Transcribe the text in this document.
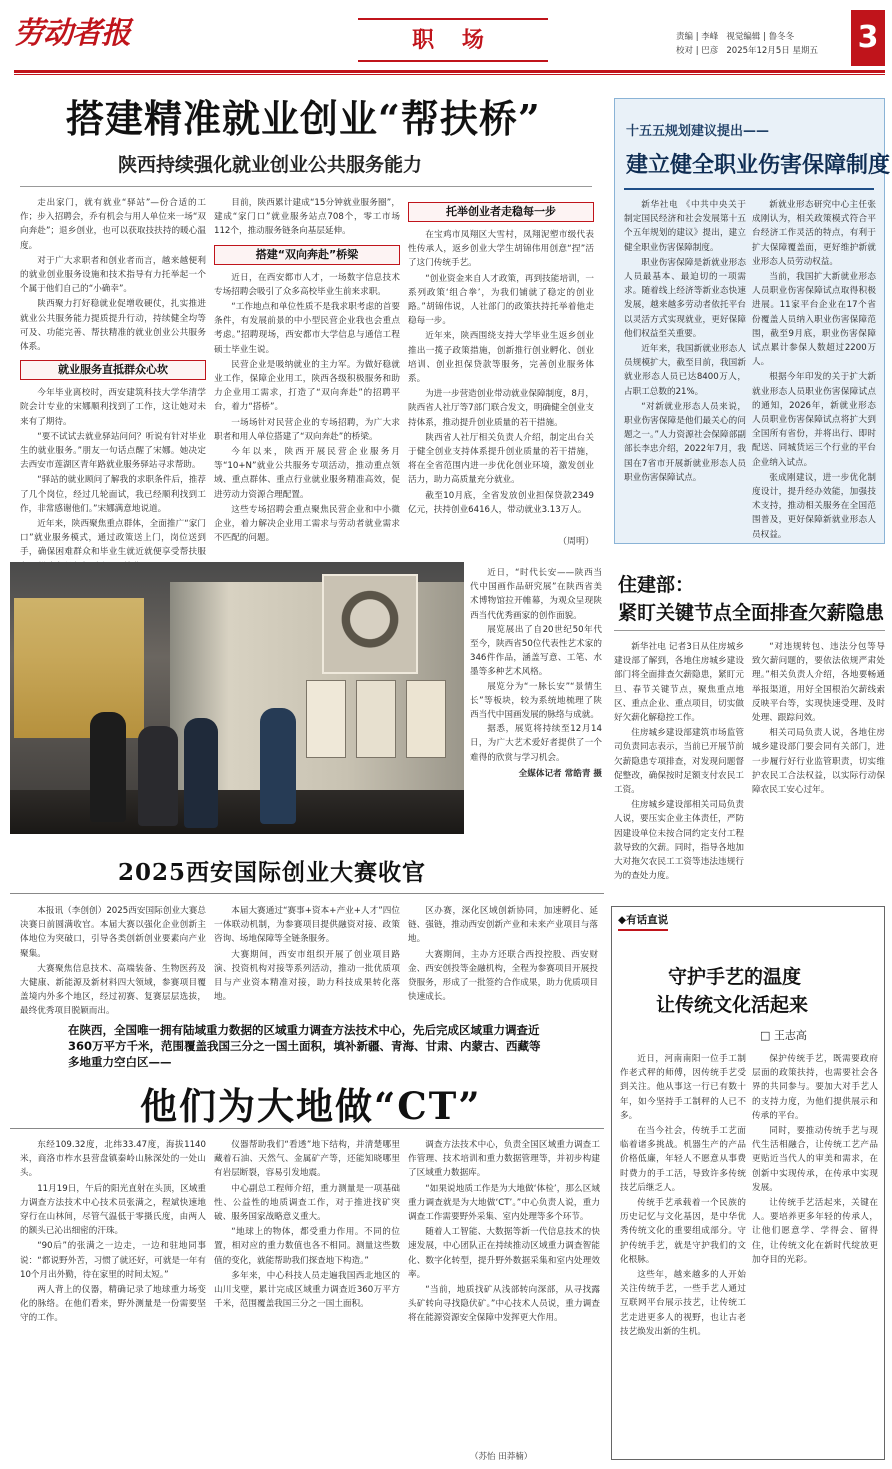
劳动者报	职 场	责编 | 李峰 视觉编辑 | 鲁冬冬
校对 | 巴彦 2025年12月5日 星期五 3
搭建精准就业创业“帮扶桥”
陕西持续强化就业创业公共服务能力

走出家门，就有就业“驿站”—份合适的工作；步入招聘会，乔有机会与用人单位来一场“双向奔赴”；退乡创业，也可以获取技扶持的暖心温度。

对于广大求职者和创业者而言，越来越便利的就业创业服务设施和技术指导有力托举起一个个属于他们自己的“小确幸”。

陕西聚力打好稳就业促增收硬仗，扎实推进就业公共服务能力提质提升行动，持续健全均等可及、功能完善、帮扶精准的就业创业公共服务体系。

就业服务直抵群众心坎

今年毕业离校时，西安建筑科技大学华清学院会计专业的宋娜顺利找到了工作，这让她对未来有了期待。

“要不试试去就业驿站问问？听说有针对毕业生的就业服务。”朋友一句话点醒了宋娜。她决定去西安市莲湖区青年路就业服务驿站寻求帮助。

“驿站的就业顾问了解我的求职条件后，推荐了几个岗位，经过几轮面试，我已经顺利找到工作，非常感谢他们。”宋娜满意地说道。

近年来，陕西聚焦重点群体，全面推广“家门口”就业服务模式，通过政策送上门，岗位送到手，确保困难群众和毕业生就近就便享受帮扶服

目前，陕西累计建成“15分钟就业服务圈”，建成“家门口”就业服务站点708个，零工市场112个，推动服务链条向基层延伸。

搭建“双向奔赴”桥梁

近日，在西安都市人才，一场数字信息技术专场招聘会吸引了众多高校毕业生前来求职。

“工作地点和单位性质不是我求职考虑的首要条件，有发展前景的中小型民营企业我也会重点考虑。”招聘现场，西安都市大学信息与通信工程硕士毕业生说。

民营企业是吸纳就业的主力军。为做好稳就业工作，保障企业用工，陕西各级积极服务和助力企业用工需求，打造了“双向奔赴”的招聘平台，着力“搭桥”。

一场场针对民营企业的专场招聘，为广大求职者和用人单位搭建了“双向奔赴”的桥梁。

今年以来，陕西开展民营企业服务月等“10+N”就业公共服务专项活动，推动重点领域、重点群体、重点行业就业服务精准高效，促进劳动力资源合理配置。

这些专场招聘会重点聚焦民营企业和中小微企业，着力解决企业用工需求与劳动者就业需求不匹配的问题。

托举创业者走稳每一步

在宝鸡市凤翔区大雪村，凤翔泥塑市级代表性传承人，返乡创业大学生胡锦伟用创意“捏”活了这门传统手艺。

“创业资金来自人才政策，再到技能培训，一系列政策‘组合拳’，为我们铺就了稳定的创业路。”胡锦伟说，人社部门的政策扶持托举着他走稳每一步。

近年来，陕西围绕支持大学毕业生返乡创业推出一揽子政策措施，创新推行创业孵化、创业培训、创业担保贷款等服务，完善创业服务体系。

为进一步营造创业带动就业保障制度，8月，陕西省人社厅等7部门联合发文，明确健全创业支持体系，推动提升创业质量的若干措施。

陕西省人社厅相关负责人介绍，制定出台关于健全创业支持体系提升创业质量的若干措施，将在全省范围内进一步优化创业环境，激发创业活力，助力高质量充分就业。

截至10月底，全省发放创业担保贷款2349亿元，扶持创业6416人，带动就业3.13万人。

（周明）
十五五规划建议提出——
建立健全职业伤害保障制度

新华社电 《中共中央关于制定国民经济和社会发展第十五个五年规划的建议》提出，建立健全职业伤害保障制度。

职业伤害保障是新就业形态人员最基本、最迫切的一项需求。随着线上经济等新业态快速发展，越来越多劳动者依托平台以灵活方式实现就业，更好保障他们权益至关重要。

近年来，我国新就业形态人员规模扩大，截至目前，我国新就业形态人员已达8400万人，占职工总数的21%。

“对新就业形态人员来说，职业伤害保障是他们最关心的问题之一。”人力资源社会保障部副部长李忠介绍，2022年7月，我国在7省市开展新就业形态人员职业伤害保障试点。

新就业形态研究中心主任张成刚认为，相关政策模式符合平台经济工作灵活的特点，有利于扩大保障覆盖面，更好维护新就业形态人员劳动权益。

当前，我国扩大新就业形态人员职业伤害保障试点取得积极进展。11家平台企业在17个省份覆盖人员纳入职业伤害保障范围，截至9月底，职业伤害保障试点累计参保人数超过2200万人。

根据今年印发的关于扩大新就业形态人员职业伤害保障试点的通知，2026年，新就业形态人员职业伤害保障试点将扩大到全国所有省份，并将出行、即时配送、同城货运三个行业的平台企业纳入试点。

张成刚建议，进一步优化制度设计，提升经办效能，加强技术支持，推动相关服务在全国范围普及，更好保障新就业形态人员权益。

近日，“时代长安——陕西当代中国画作品研究展”在陕西省美术博物馆拉开帷幕，为观众呈现陕西当代优秀画家的创作面貌。

展览展出了自20世纪50年代至今，陕西省50位代表性艺术家的346件作品，涵盖写意、工笔、水墨等多种艺术风格。

展览分为“一脉长安”“景情生长”等板块，较为系统地梳理了陕西当代中国画发展的脉络与成就。

据悉，展览将持续至12月14日，为广大艺术爱好者提供了一个难得的欣赏与学习机会。

全媒体记者 常皓青 摄
住建部：
紧盯关键节点全面排查欠薪隐患

新华社电 记者3日从住房城乡建设部了解到，各地住房城乡建设部门将全面排查欠薪隐患，紧盯元旦、春节关键节点，聚焦重点地区、重点企业、重点项目，切实做好欠薪化解稳控工作。

住房城乡建设部建筑市场监管司负责同志表示，当前已开展节前欠薪隐患专项排查，对发现问题督促整改，确保按时足额支付农民工工资。

住房城乡建设部相关司局负责人说，要压实企业主体责任，严防因建设单位未按合同约定支付工程款导致的欠薪。同时，指导各地加大对拖欠农民工工资等违法违规行为的查处力度。

“对违规转包、违法分包等导致欠薪问题的，要依法依规严肃处理。”相关负责人介绍，各地要畅通举报渠道，用好全国根治欠薪线索反映平台等，实现快速受理、及时处理、跟踪问效。

相关司局负责人说，各地住房城乡建设部门要会同有关部门，进一步履行好行业监管职责，切实维护农民工合法权益，以实际行动保障农民工安心过年。

2025西安国际创业大赛收官

本报讯（李创创）2025西安国际创业大赛总决赛日前圆满收官。本届大赛以强化企业创新主体地位为突破口，引导各类创新创业要素向产业聚集。

大赛聚焦信息技术、高端装备、生物医药及大健康、新能源及新材料四大领域，参赛项目覆盖境内外多个地区，经过初赛、复赛层层选拔，最终优秀项目脱颖而出。

本届大赛通过“赛事+资本+产业+人才”四位一体联动机制，为参赛项目提供融资对接、政策咨询、场地保障等全链条服务。

大赛期间，西安市组织开展了创业项目路演、投资机构对接等系列活动，推动一批优质项目与产业资本精准对接，助力科技成果转化落地。

区办赛，深化区域创新协同，加速孵化、延链、强链，推动西安创新产业和未来产业项目与落地。

大赛期间，主办方还联合西投控股、西安财金、西安创投等金融机构，全程为参赛项目开展投贷服务，形成了一批签约合作成果，助力优质项目快速成长。

在陕西，全国唯一拥有陆域重力数据的区域重力调查方法技术中心，先后完成区域重力调查近360万平方千米，范围覆盖我国三分之一国土面积，填补新疆、青海、甘肃、内蒙古、西藏等多地重力空白区——
他们为大地做“CT”

东经109.32度，北纬33.47度，海拔1140米，商洛市柞水县营盘镇秦岭山脉深处的一处山头。

11月19日，午后的阳光直射在头顶，区域重力调查方法技术中心技术员张满之，程斌快速地穿行在山林间，尽管气温低于零摄氏度，由两人的额头已沁出细密的汗珠。

“90后”的张满之一边走，一边和驻地同事说：“都说野外苦，习惯了就还好，可就是一年有10个月出外勤，待在家里的时间太短。”

两人背上的仪器，精确记录了地球重力场变化的脉络。在他们看来，野外测量是一份需要坚守的工作。

仪器帮助我们“看透”地下结构，并清楚哪里藏着石油、天然气、金属矿产等，还能知晓哪里有岩层断裂，容易引发地震。

中心副总工程师介绍，重力测量是一项基础性、公益性的地质调查工作，对于推进找矿突破、服务国家战略意义重大。

“地球上的物体，都受重力作用。不同的位置，相对应的重力数值也各不相同。测量这些数值的变化，就能帮助我们探查地下构造。”

多年来，中心科技人员走遍我国西北地区的山川戈壁，累计完成区域重力调查近360万平方千米，范围覆盖我国三分之一国土面积。

调查方法技术中心，负责全国区域重力调查工作管理、技术培训和重力数据管理等，并初步构建了区域重力数据库。

“如果说地质工作是为大地做‘体检’，那么区域重力调查就是为大地做‘CT’。”中心负责人说，重力调查工作需要野外采集、室内处理等多个环节。

随着人工智能、大数据等新一代信息技术的快速发展，中心团队正在持续推动区域重力调查智能化、数字化转型，提升野外数据采集和室内处理效率。

“当前，地质找矿从浅部转向深部，从寻找露头矿转向寻找隐伏矿。”中心技术人员说，重力调查将在能源资源安全保障中发挥更大作用。

（苏怡 田莽楠）
◆有话直说
守护手艺的温度
让传统文化活起来
□ 王志高

近日，河南南阳一位手工制作老式秤的师傅，因传统手艺受到关注。他从事这一行已有数十年，如今坚持手工制秤的人已不多。

在当今社会，传统手工艺面临着诸多挑战。机器生产的产品价格低廉，年轻人不愿意从事费时费力的手工活，导致许多传统技艺后继乏人。

传统手艺承载着一个民族的历史记忆与文化基因，是中华优秀传统文化的重要组成部分。守护传统手艺，就是守护我们的文化根脉。

这些年，越来越多的人开始关注传统手艺，一些手艺人通过互联网平台展示技艺，让传统工艺走进更多人的视野，也让古老技艺焕发出新的生机。

保护传统手艺，既需要政府层面的政策扶持，也需要社会各界的共同参与。要加大对手艺人的支持力度，为他们提供展示和传承的平台。

同时，要推动传统手艺与现代生活相融合，让传统工艺产品更贴近当代人的审美和需求，在创新中实现传承，在传承中实现发展。

让传统手艺活起来，关键在人。要培养更多年轻的传承人，让他们愿意学、学得会、留得住，让传统文化在新时代绽放更加夺目的光彩。
